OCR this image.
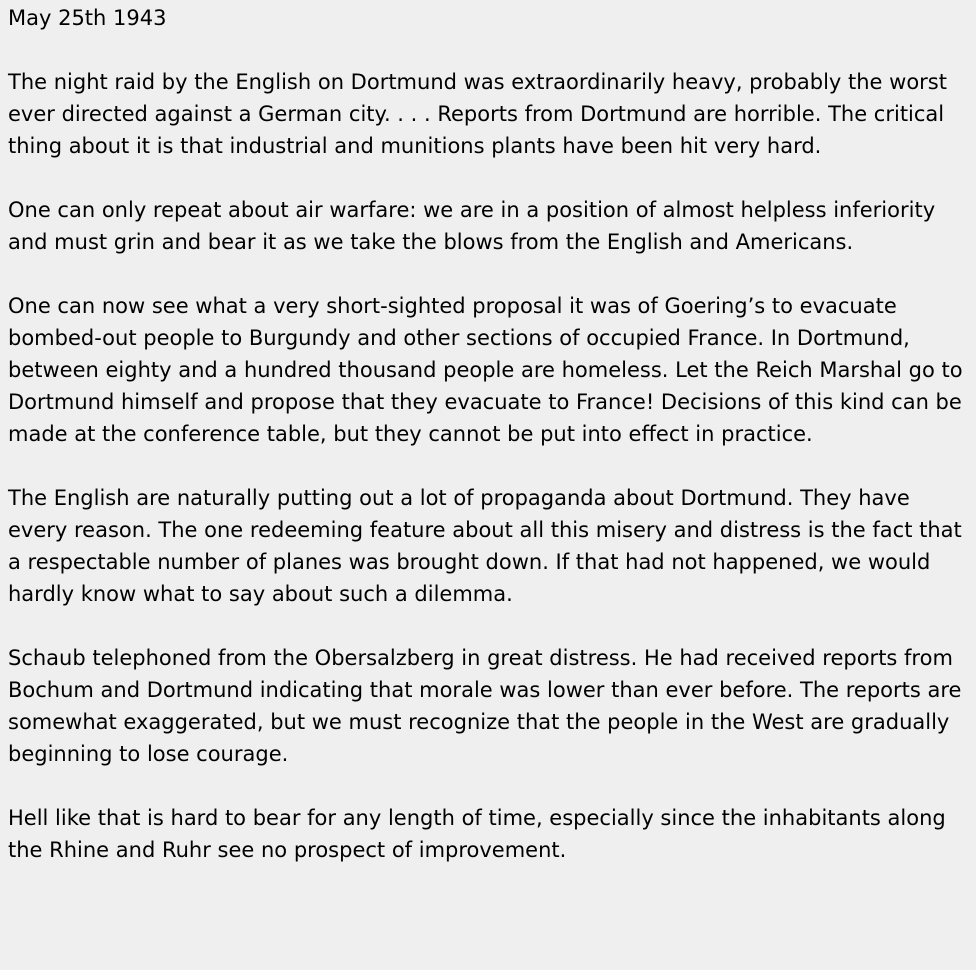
May 25th 1943

The night raid by the English on Dortmund was extraordinarily heavy, probably the worst ever directed against a German city. . . . Reports from Dortmund are horrible. The critical thing about it is that industrial and munitions plants have been hit very hard.

One can only repeat about air warfare: we are in a position of almost helpless inferiority and must grin and bear it as we take the blows from the English and Americans.

One can now see what a very short-sighted proposal it was of Goering’s to evacuate bombed-out people to Burgundy and other sections of occupied France. In Dortmund, between eighty and a hundred thousand people are homeless. Let the Reich Marshal go to Dortmund himself and propose that they evacuate to France! Decisions of this kind can be made at the conference table, but they cannot be put into effect in practice.

The English are naturally putting out a lot of propaganda about Dortmund. They have every reason. The one redeeming feature about all this misery and distress is the fact that a respectable number of planes was brought down. If that had not happened, we would hardly know what to say about such a dilemma.

Schaub telephoned from the Obersalzberg in great distress. He had received reports from Bochum and Dortmund indicating that morale was lower than ever before. The reports are somewhat exaggerated, but we must recognize that the people in the West are gradually beginning to lose courage.

Hell like that is hard to bear for any length of time, especially since the inhabitants along the Rhine and Ruhr see no prospect of improvement.
